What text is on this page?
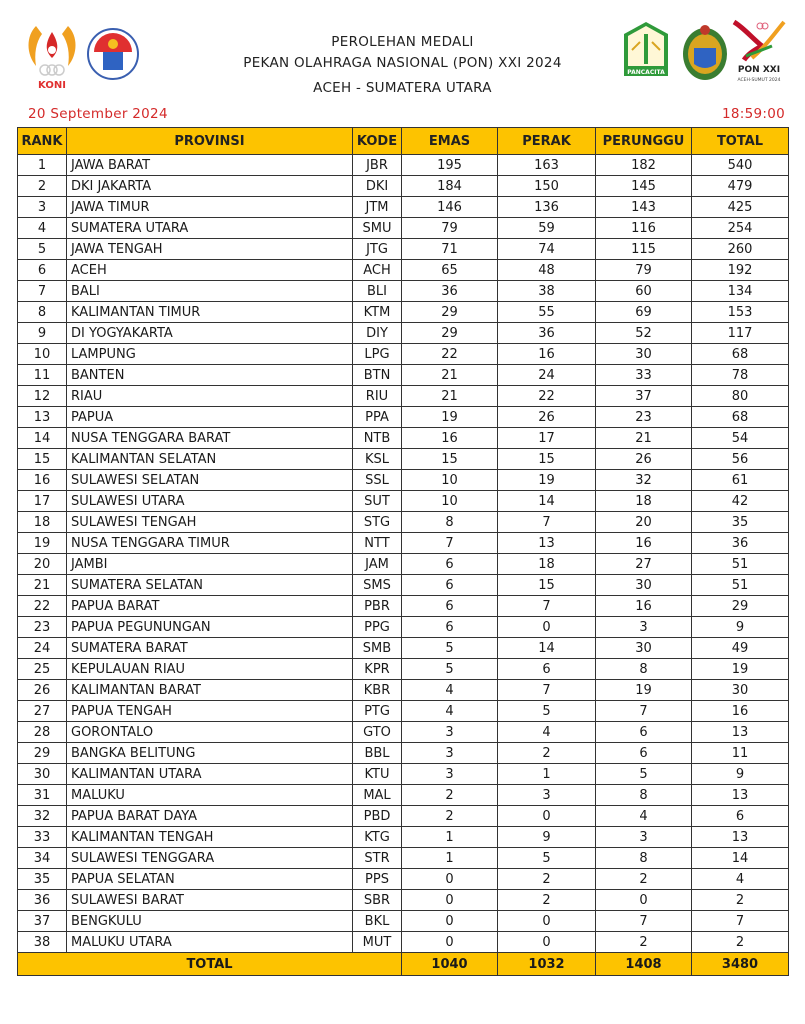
KONI
PANCACITA	PON XXI
ACEH-SUMUT 2024
PEROLEHAN MEDALI
PEKAN OLAHRAGA NASIONAL (PON) XXI 2024
ACEH - SUMATERA UTARA
20 September 2024	18:59:00
RANK	PROVINSI	KODE	EMAS	PERAK	PERUNGGU	TOTAL
1	JAWA BARAT	JBR	195	163	182	540
2	DKI JAKARTA	DKI	184	150	145	479
3	JAWA TIMUR	JTM	146	136	143	425
4	SUMATERA UTARA	SMU	79	59	116	254
5	JAWA TENGAH	JTG	71	74	115	260
6	ACEH	ACH	65	48	79	192
7	BALI	BLI	36	38	60	134
8	KALIMANTAN TIMUR	KTM	29	55	69	153
9	DI YOGYAKARTA	DIY	29	36	52	117
10	LAMPUNG	LPG	22	16	30	68
11	BANTEN	BTN	21	24	33	78
12	RIAU	RIU	21	22	37	80
13	PAPUA	PPA	19	26	23	68
14	NUSA TENGGARA BARAT	NTB	16	17	21	54
15	KALIMANTAN SELATAN	KSL	15	15	26	56
16	SULAWESI SELATAN	SSL	10	19	32	61
17	SULAWESI UTARA	SUT	10	14	18	42
18	SULAWESI TENGAH	STG	8	7	20	35
19	NUSA TENGGARA TIMUR	NTT	7	13	16	36
20	JAMBI	JAM	6	18	27	51
21	SUMATERA SELATAN	SMS	6	15	30	51
22	PAPUA BARAT	PBR	6	7	16	29
23	PAPUA PEGUNUNGAN	PPG	6	0	3	9
24	SUMATERA BARAT	SMB	5	14	30	49
25	KEPULAUAN RIAU	KPR	5	6	8	19
26	KALIMANTAN BARAT	KBR	4	7	19	30
27	PAPUA TENGAH	PTG	4	5	7	16
28	GORONTALO	GTO	3	4	6	13
29	BANGKA BELITUNG	BBL	3	2	6	11
30	KALIMANTAN UTARA	KTU	3	1	5	9
31	MALUKU	MAL	2	3	8	13
32	PAPUA BARAT DAYA	PBD	2	0	4	6
33	KALIMANTAN TENGAH	KTG	1	9	3	13
34	SULAWESI TENGGARA	STR	1	5	8	14
35	PAPUA SELATAN	PPS	0	2	2	4
36	SULAWESI BARAT	SBR	0	2	0	2
37	BENGKULU	BKL	0	0	7	7
38	MALUKU UTARA	MUT	0	0	2	2
TOTAL			1040	1032	1408	3480
